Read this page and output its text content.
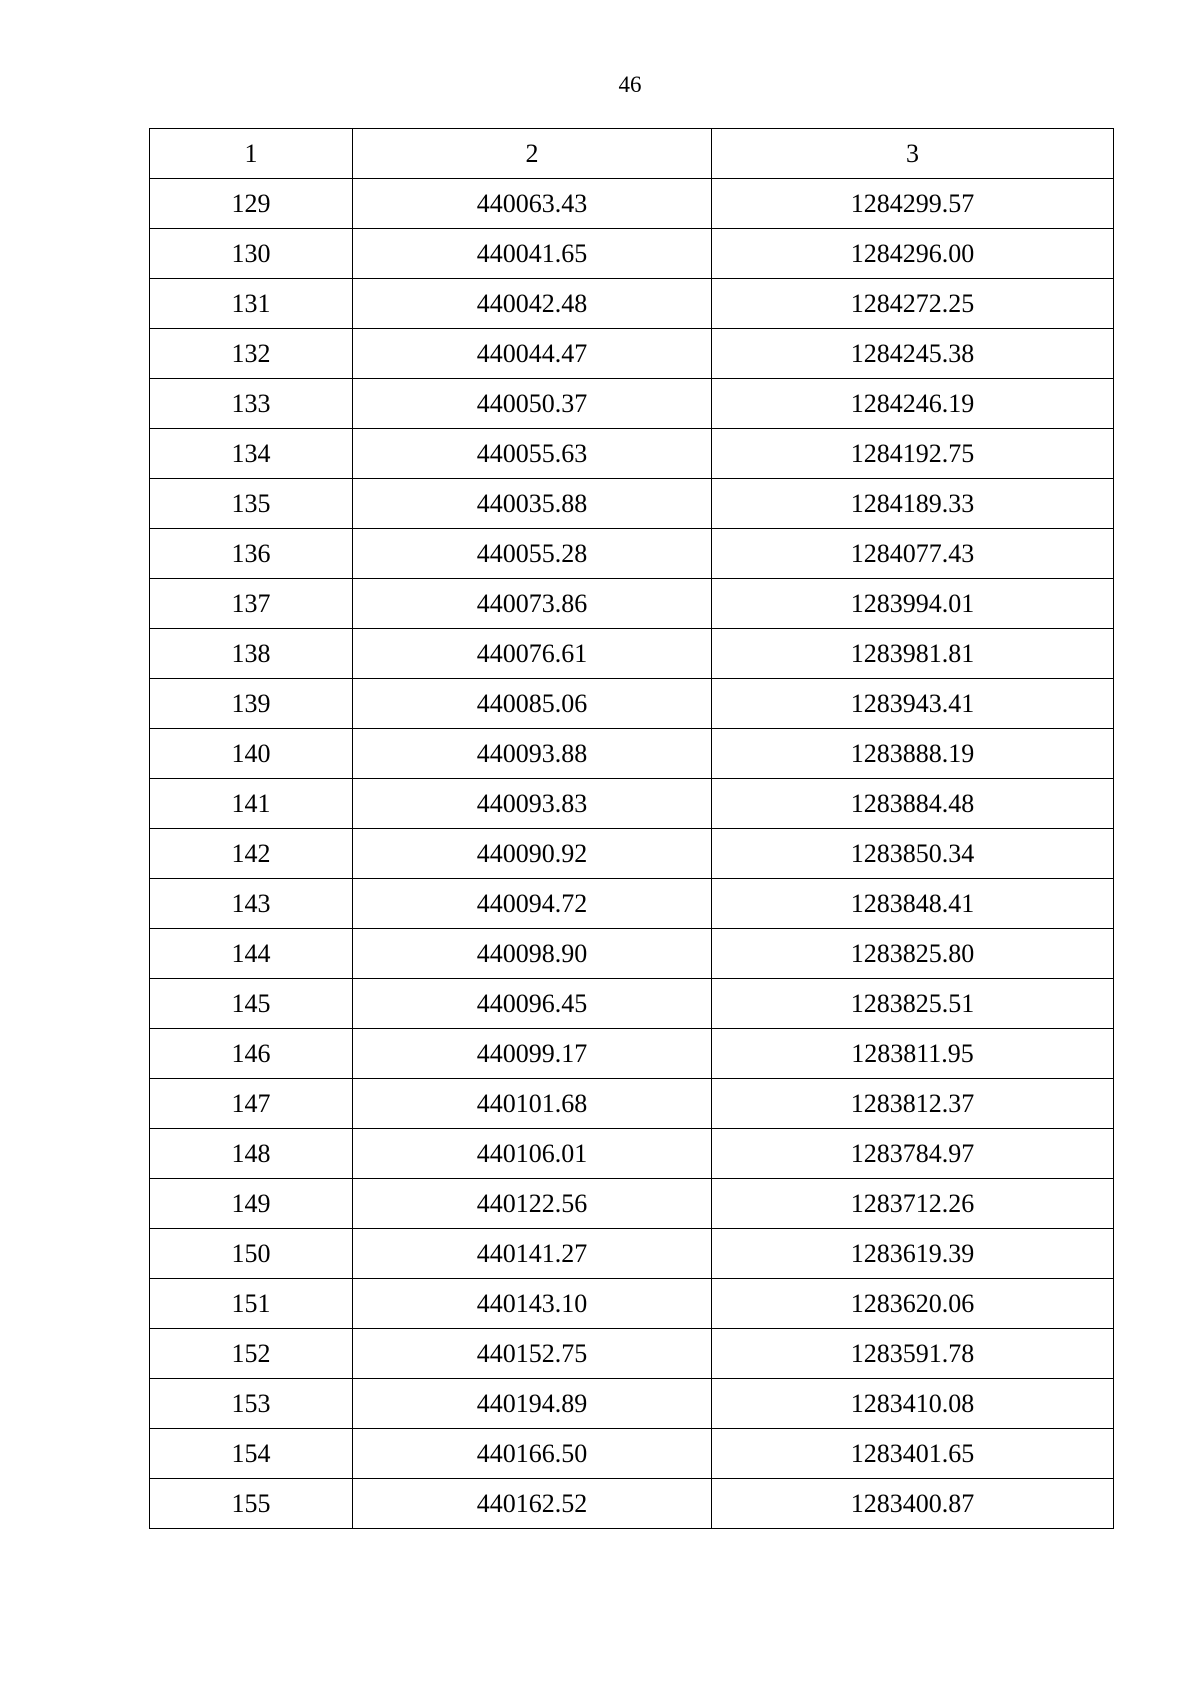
46
1	2	3
129	440063.43	1284299.57
130	440041.65	1284296.00
131	440042.48	1284272.25
132	440044.47	1284245.38
133	440050.37	1284246.19
134	440055.63	1284192.75
135	440035.88	1284189.33
136	440055.28	1284077.43
137	440073.86	1283994.01
138	440076.61	1283981.81
139	440085.06	1283943.41
140	440093.88	1283888.19
141	440093.83	1283884.48
142	440090.92	1283850.34
143	440094.72	1283848.41
144	440098.90	1283825.80
145	440096.45	1283825.51
146	440099.17	1283811.95
147	440101.68	1283812.37
148	440106.01	1283784.97
149	440122.56	1283712.26
150	440141.27	1283619.39
151	440143.10	1283620.06
152	440152.75	1283591.78
153	440194.89	1283410.08
154	440166.50	1283401.65
155	440162.52	1283400.87
